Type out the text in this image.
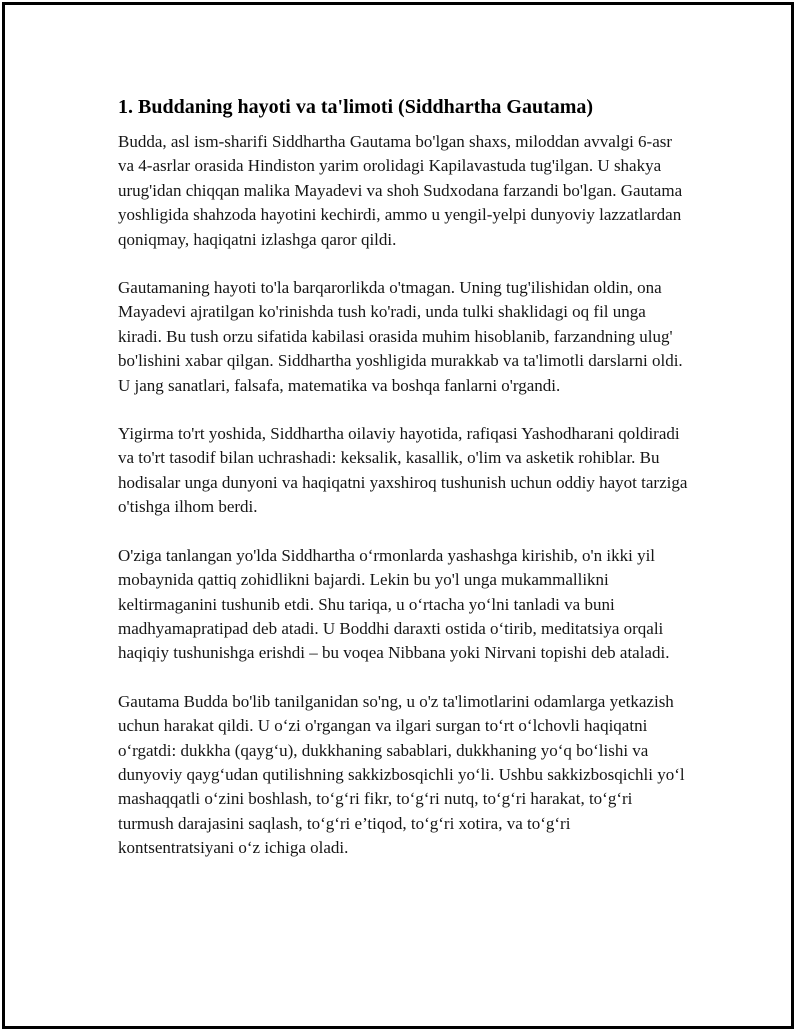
1. Buddaning hayoti va ta'limoti (Siddhartha Gautama)

Budda, asl ism-sharifi Siddhartha Gautama bo'lgan shaxs, miloddan avvalgi 6-asr va 4-asrlar orasida Hindiston yarim orolidagi Kapilavastuda tug'ilgan. U shakya urug'idan chiqqan malika Mayadevi va shoh Sudxodana farzandi bo'lgan. Gautama yoshligida shahzoda hayotini kechirdi, ammo u yengil-yelpi dunyoviy lazzatlardan qoniqmay, haqiqatni izlashga qaror qildi.

Gautamaning hayoti to'la barqarorlikda o'tmagan. Uning tug'ilishidan oldin, ona Mayadevi ajratilgan ko'rinishda tush ko'radi, unda tulki shaklidagi oq fil unga kiradi. Bu tush orzu sifatida kabilasi orasida muhim hisoblanib, farzandning ulug' bo'lishini xabar qilgan. Siddhartha yoshligida murakkab va ta'limotli darslarni oldi. U jang sanatlari, falsafa, matematika va boshqa fanlarni o'rgandi.

Yigirma to'rt yoshida, Siddhartha oilaviy hayotida, rafiqasi Yashodharani qoldiradi va to'rt tasodif bilan uchrashadi: keksalik, kasallik, o'lim va asketik rohiblar. Bu hodisalar unga dunyoni va haqiqatni yaxshiroq tushunish uchun oddiy hayot tarziga o'tishga ilhom berdi.

O'ziga tanlangan yo'lda Siddhartha o‘rmonlarda yashashga kirishib, o'n ikki yil mobaynida qattiq zohidlikni bajardi. Lekin bu yo'l unga mukammallikni keltirmaganini tushunib etdi. Shu tariqa, u o‘rtacha yo‘lni tanladi va buni madhyamapratipad deb atadi. U Boddhi daraxti ostida o‘tirib, meditatsiya orqali haqiqiy tushunishga erishdi – bu voqea Nibbana yoki Nirvani topishi deb ataladi.

Gautama Budda bo'lib tanilganidan so'ng, u o'z ta'limotlarini odamlarga yetkazish uchun harakat qildi. U o‘zi o'rgangan va ilgari surgan to‘rt o‘lchovli haqiqatni o‘rgatdi: dukkha (qayg‘u), dukkhaning sabablari, dukkhaning yo‘q bo‘lishi va dunyoviy qayg‘udan qutilishning sakkizbosqichli yo‘li. Ushbu sakkizbosqichli yo‘l mashaqqatli o‘zini boshlash, to‘g‘ri fikr, to‘g‘ri nutq, to‘g‘ri harakat, to‘g‘ri turmush darajasini saqlash, to‘g‘ri e’tiqod, to‘g‘ri xotira, va to‘g‘ri kontsentratsiyani o‘z ichiga oladi.
